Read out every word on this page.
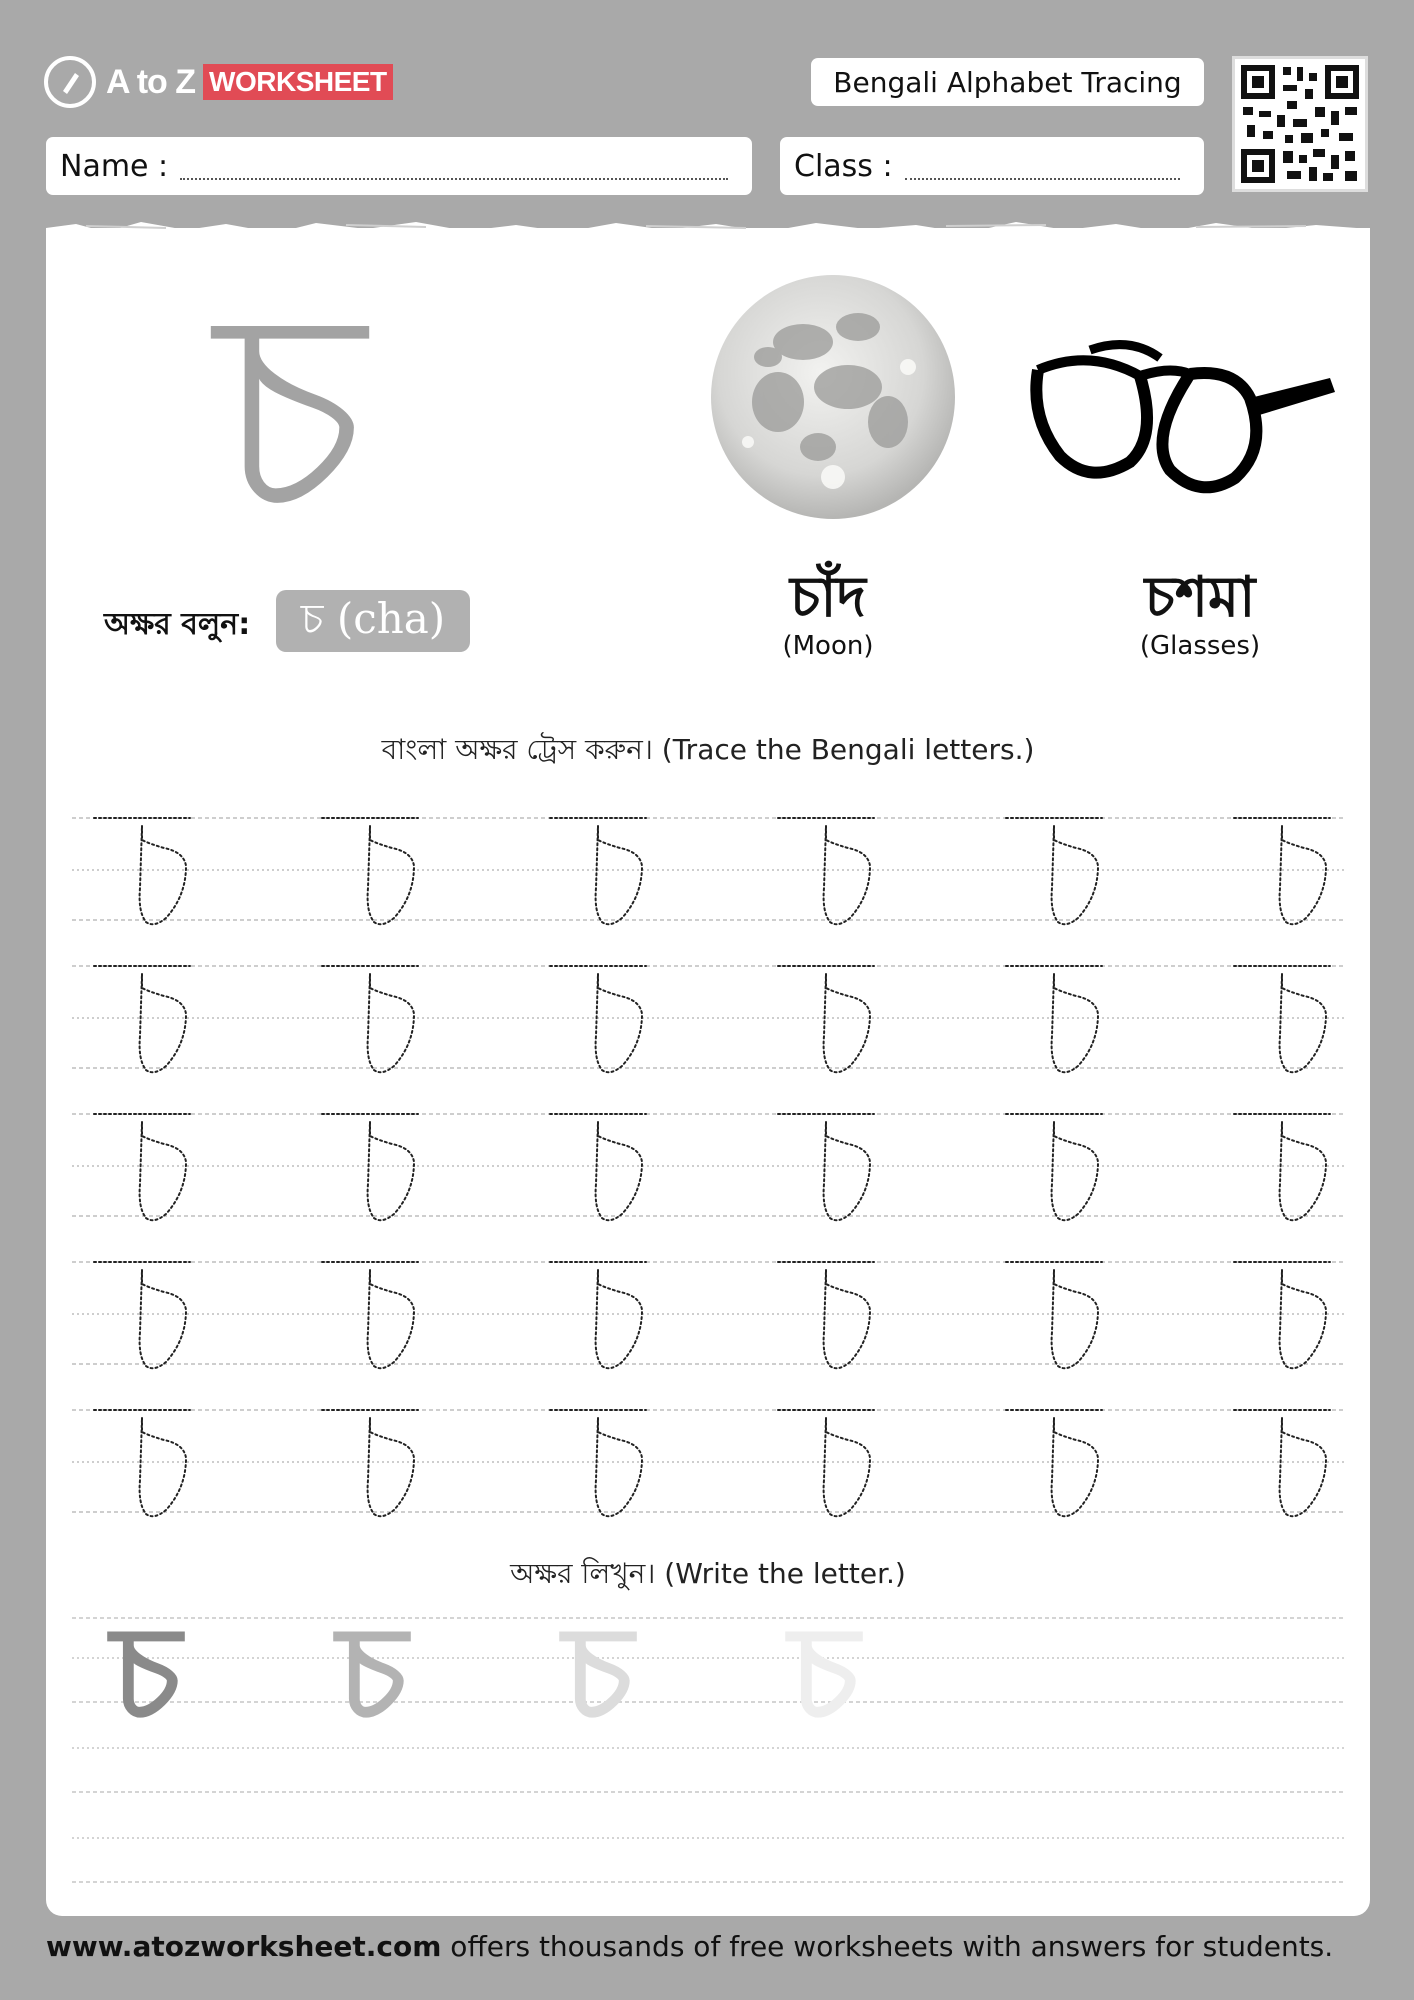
A to Z WORKSHEET	Bengali Alphabet Tracing
Name :	Class :
চ
অক্ষর বলুন:	চ (cha)	চাঁদ
(Moon)
চশমা
(Glasses)
বাংলা অক্ষর ট্রেস করুন। (Trace the Bengali letters.)
অক্ষর লিখুন। (Write the letter.)
চ চ চ চ
www.atozworksheet.com offers thousands of free worksheets with answers for students.
